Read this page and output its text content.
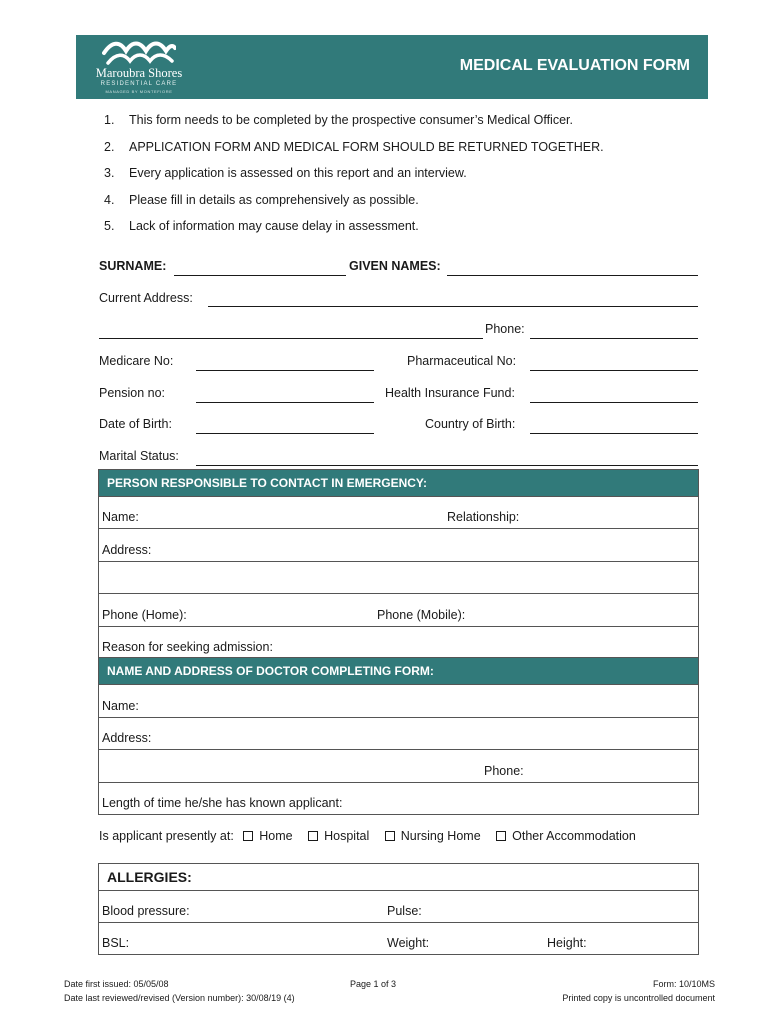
Maroubra Shores
RESIDENTIAL CARE
MANAGED BY MONTEFIORE
MEDICAL EVALUATION FORM
1. This form needs to be completed by the prospective consumer’s Medical Officer.
2. APPLICATION FORM AND MEDICAL FORM SHOULD BE RETURNED TOGETHER.
3. Every application is assessed on this report and an interview.
4. Please fill in details as comprehensively as possible.
5. Lack of information may cause delay in assessment.
SURNAME:	GIVEN NAMES:
Current Address:
Phone:
Medicare No:	Pharmaceutical No:
Pension no:	Health Insurance Fund:
Date of Birth:	Country of Birth:
Marital Status:
PERSON RESPONSIBLE TO CONTACT IN EMERGENCY:
Name:	Relationship:
Address:
Phone (Home):	Phone (Mobile):
Reason for seeking admission:
NAME AND ADDRESS OF DOCTOR COMPLETING FORM:
Name:
Address:
Phone:
Length of time he/she has known applicant:
Is applicant presently at: Home	Hospital	Nursing Home	Other Accommodation
ALLERGIES:
Blood pressure:	Pulse:
BSL:	Weight:	Height:
Date first issued: 05/05/08
Date last reviewed/revised (Version number): 30/08/19 (4)
Page 1 of 3	Form: 10/10MS
Printed copy is uncontrolled document
